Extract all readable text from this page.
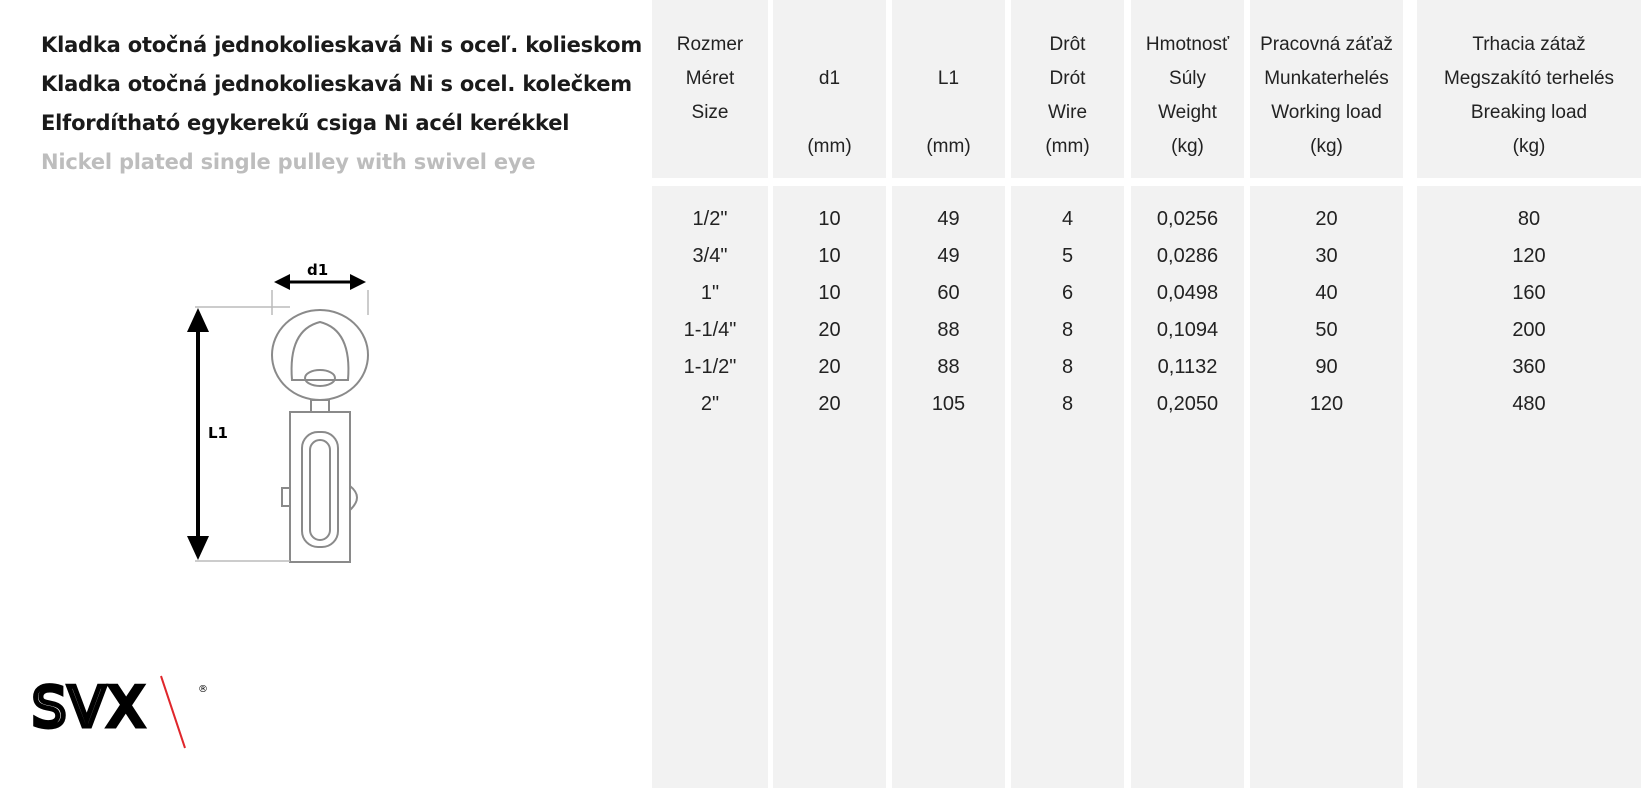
Kladka otočná jednokolieskavá Ni s oceľ. kolieskom
Kladka otočná jednokolieskavá Ni s ocel. kolečkem
Elfordítható egykerekű csiga Ni acél kerékkel
Nickel plated single pulley with swivel eye
d1
L1
SVX	®
Rozmer
Méret
Size
1/2"
3/4"
1"
1-1/4"
1-1/2"
2"
d1
(mm)
10
10
10
20
20
20
L1
(mm)
49
49
60
88
88
105
Drôt
Drót
Wire
(mm)
4
5
6
8
8
8
Hmotnosť
Súly
Weight
(kg)
0,0256
0,0286
0,0498
0,1094
0,1132
0,2050
Pracovná záťaž
Munkaterhelés
Working load
(kg)
20
30
40
50
90
120
Trhacia zátaž
Megszakító terhelés
Breaking load
(kg)
80
120
160
200
360
480
